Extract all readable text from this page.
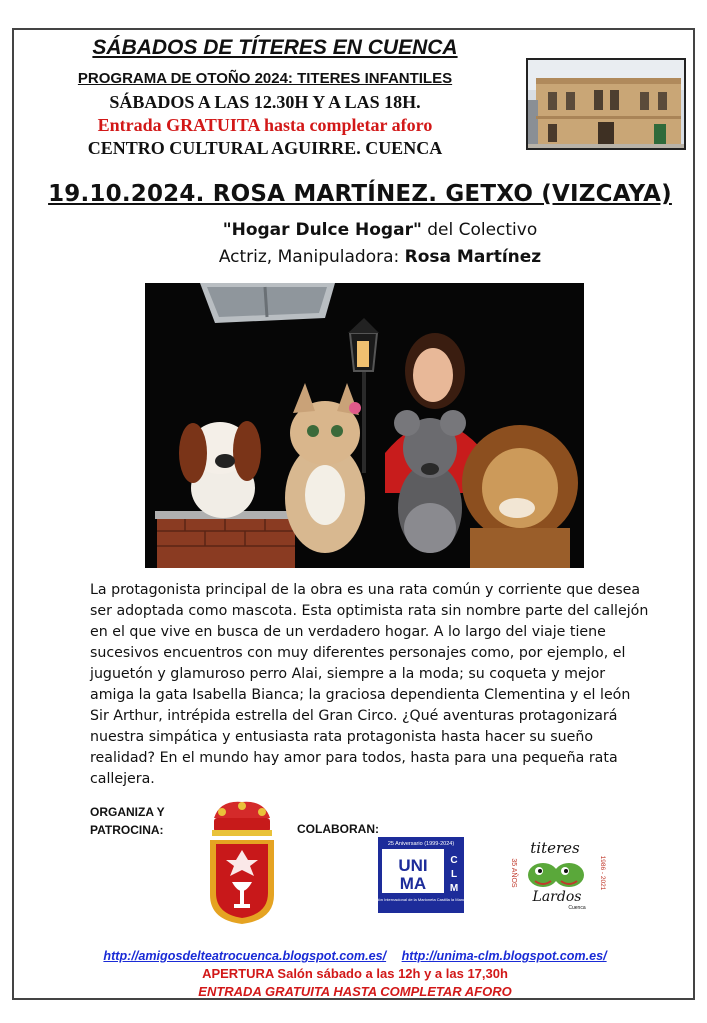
SÁBADOS DE TÍTERES EN CUENCA
PROGRAMA DE OTOÑO 2024: TITERES INFANTILES
SÁBADOS A LAS 12.30H Y A LAS 18H.
Entrada GRATUITA hasta completar aforo
CENTRO CULTURAL AGUIRRE. CUENCA
19.10.2024. ROSA MARTÍNEZ. GETXO (VIZCAYA)
"Hogar Dulce Hogar" del Colectivo
Actriz, Manipuladora: Rosa Martínez
La protagonista principal de la obra es una rata común y corriente que desea ser adoptada como mascota. Esta optimista rata sin nombre parte del callejón en el que vive en busca de un verdadero hogar. A lo largo del viaje tiene sucesivos encuentros con muy diferentes personajes como, por ejemplo, el juguetón y glamuroso perro Alai, siempre a la moda; su coqueta y mejor amiga la gata Isabella Bianca; la graciosa dependienta Clementina y el león Sir Arthur, intrépida estrella del Gran Circo. ¿Qué aventuras protagonizará nuestra simpática y entusiasta rata protagonista hasta hacer su sueño realidad? En el mundo hay amor para todos, hasta para una pequeña rata callejera.
ORGANIZA Y PATROCINA:	COLABORAN:
25 Aniversario (1999-2024)
UNI
MA
C
L
M
Unión Internacional de la Marioneta Castilla la Mancha
35 AÑOS	1986 - 2021
titeres
Lardos
Cuenca
http://amigosdelteatrocuenca.blogspot.com.es/ http://unima-clm.blogspot.com.es/
APERTURA Salón sábado a las 12h y a las 17,30h
ENTRADA GRATUITA HASTA COMPLETAR AFORO
